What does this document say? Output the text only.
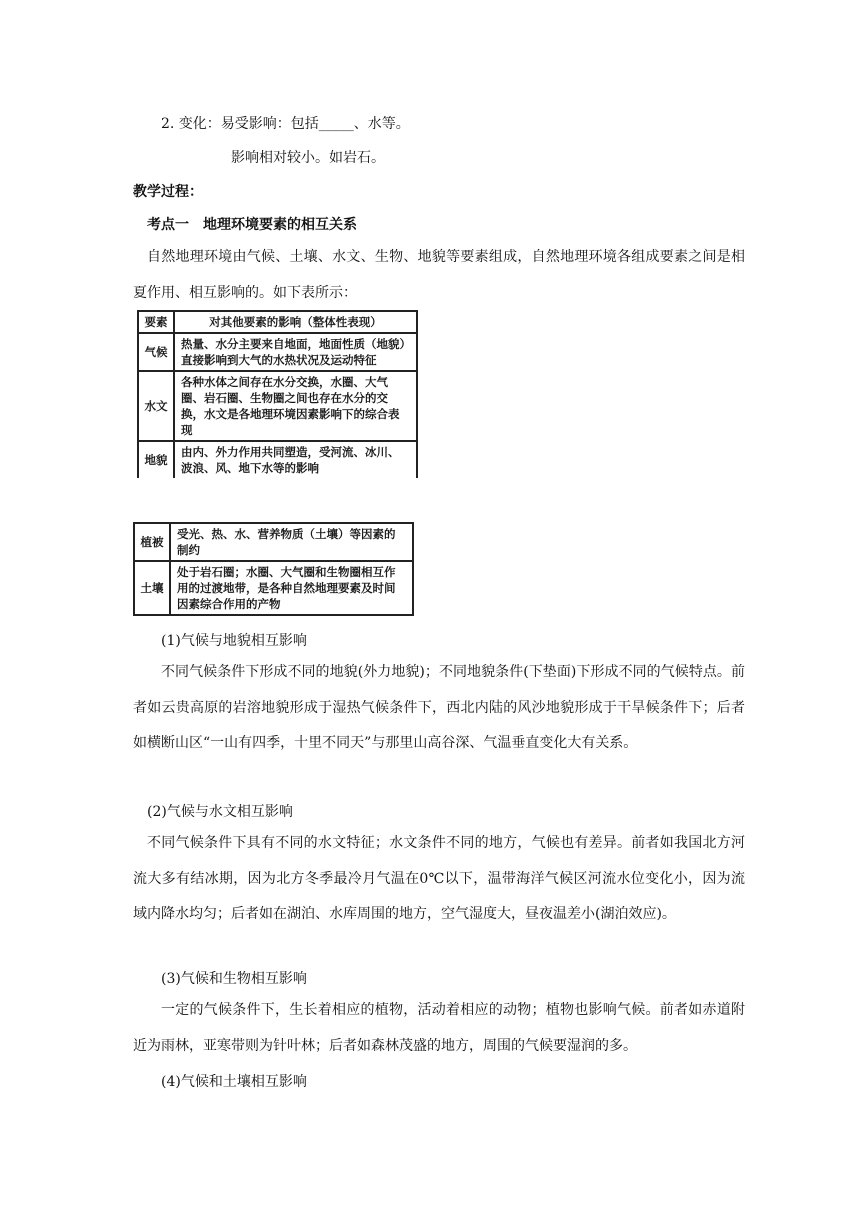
2. 变化：易受影响：包括_____、水等。
影响相对较小。如岩石。
教学过程：
考点一　地理环境要素的相互关系
自然地理环境由气候、土壤、水文、生物、地貌等要素组成，自然地理环境各组成要素之间是相夏作用、相互影响的。如下表所示：
要素	对其他要素的影响（整体性表现）
气候	热量、水分主要来自地面，地面性质（地貌）直接影响到大气的水热状况及运动特征
水文	各种水体之间存在水分交换，水圈、大气圈、岩石圈、生物圈之间也存在水分的交换，水文是各地理环境因素影响下的综合表现
地貌	由内、外力作用共同塑造，受河流、冰川、波浪、风、地下水等的影响
植被	受光、热、水、营养物质（土壤）等因素的制约
土壤	处于岩石圈；水圈、大气圈和生物圈相互作用的过渡地带，是各种自然地理要素及时间因素综合作用的产物
(1)气候与地貌相互影响
不同气候条件下形成不同的地貌(外力地貌)；不同地貌条件(下垫面)下形成不同的气候特点。前者如云贵高原的岩溶地貌形成于湿热气候条件下，西北内陆的风沙地貌形成于干旱候条件下；后者如横断山区“一山有四季，十里不同天”与那里山高谷深、气温垂直变化大有关系。
(2)气候与水文相互影响
不同气候条件下具有不同的水文特征；水文条件不同的地方，气候也有差异。前者如我国北方河流大多有结冰期，因为北方冬季最冷月气温在0℃以下，温带海洋气候区河流水位变化小，因为流域内降水均匀；后者如在湖泊、水库周围的地方，空气湿度大，昼夜温差小(湖泊效应)。
(3)气候和生物相互影响
一定的气候条件下，生长着相应的植物，活动着相应的动物；植物也影响气候。前者如赤道附近为雨林，亚寒带则为针叶林；后者如森林茂盛的地方，周围的气候要湿润的多。
(4)气候和土壤相互影响
